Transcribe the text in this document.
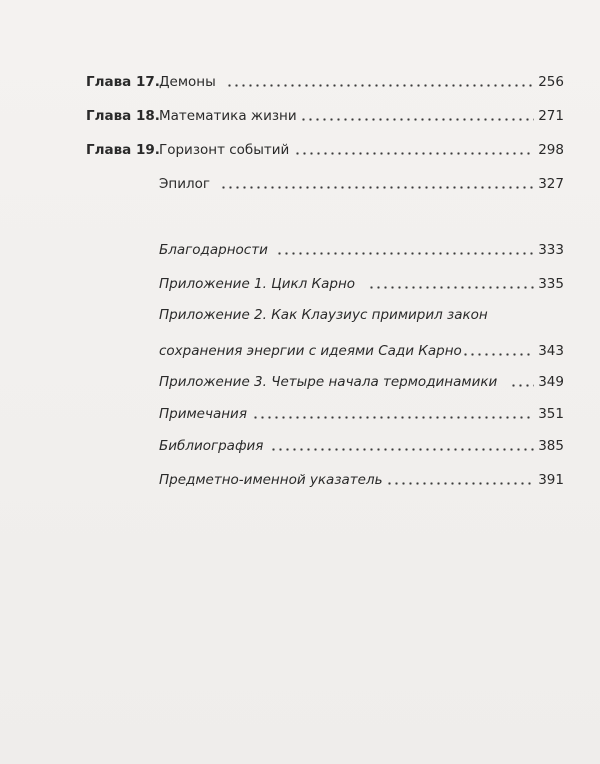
Глава 17. Демоны	256
Глава 18. Математика жизни	271
Глава 19. Горизонт событий	298
Эпилог	327
Благодарности	333
Приложение 1. Цикл Карно	335
Приложение 2. Как Клаузиус примирил закон
сохранения энергии с идеями Сади Карно	343
Приложение 3. Четыре начала термодинамики	349
Примечания	351
Библиография	385
Предметно-именной указатель	391
